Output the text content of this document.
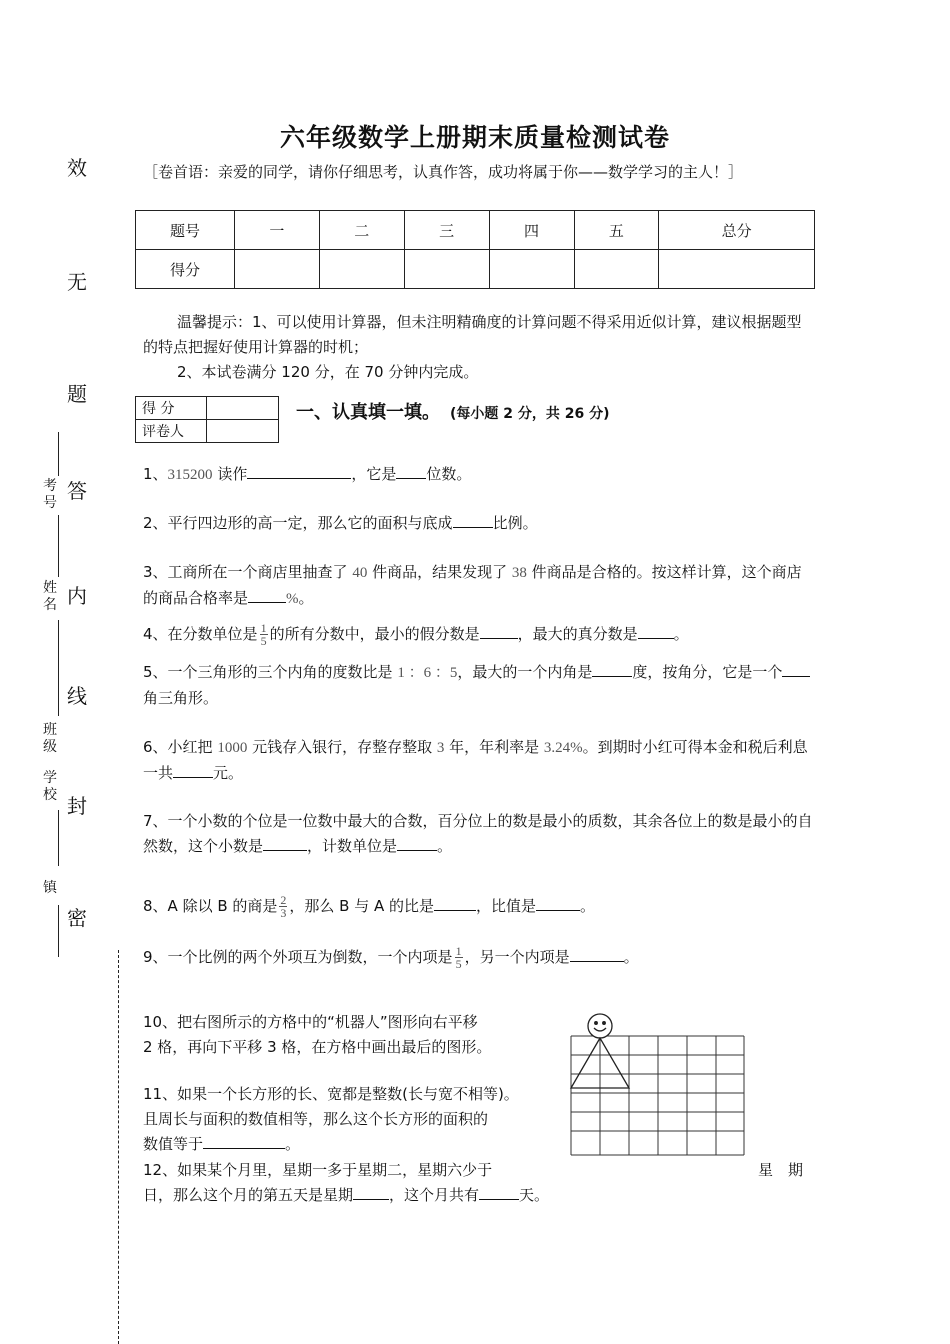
六年级数学上册期末质量检测试卷
［卷首语：亲爱的同学，请你仔细思考，认真作答，成功将属于你——数学学习的主人！］
题号	一	二	三	四	五	总分
得分						
温馨提示：1、可以使用计算器，但未注明精确度的计算问题不得采用近似计算，建议根据题型的特点把握好使用计算器的时机；
2、本试卷满分 120 分，在 70 分钟内完成。
得 分	
评卷人	
一、认真填一填。 (每小题 2 分，共 26 分)
效
无
题
答
内
线
封
密
考号
姓名
班级
学校
镇
1、315200 读作	，它是 位数。
2、平行四边形的高一定，那么它的面积与底成	比例。
3、工商所在一个商店里抽查了 40 件商品，结果发现了 38 件商品是合格的。按这样计算，这个商店的商品合格率是	%。
4、在分数单位是 $\frac{1}{5}$ 的所有分数中，最小的假分数是	，最大的真分数是 。
5、一个三角形的三个内角的度数比是 1 ：6 ：5，最大的一个内角是	度，按角分，它是一个角三角形。
6、小红把 1000 元钱存入银行，存整存整取 3 年，年利率是 3.24%。到期时小红可得本金和税后利息一共	元。
7、一个小数的个位是一位数中最大的合数，百分位上的数是最小的质数，其余各位上的数是最小的自然数，这个小数是	，计数单位是	。
8、A 除以 B 的商是 $\frac{2}{3}$ ，那么 B 与 A 的比是	，比值是	。
9、一个比例的两个外项互为倒数，一个内项是 $\frac{1}{5}$ ，另一个内项是	。
10、把右图所示的方格中的“机器人”图形向右平移
2 格，再向下平移 3 格，在方格中画出最后的图形。
11、如果一个长方形的长、宽都是整数(长与宽不相等)。
且周长与面积的数值相等，那么这个长方形的面积的
数值等于	。
12、如果某个月里，星期一多于星期二，星期六少于	星　期
日，那么这个月的第五天是星期 ，这个月共有	天。
